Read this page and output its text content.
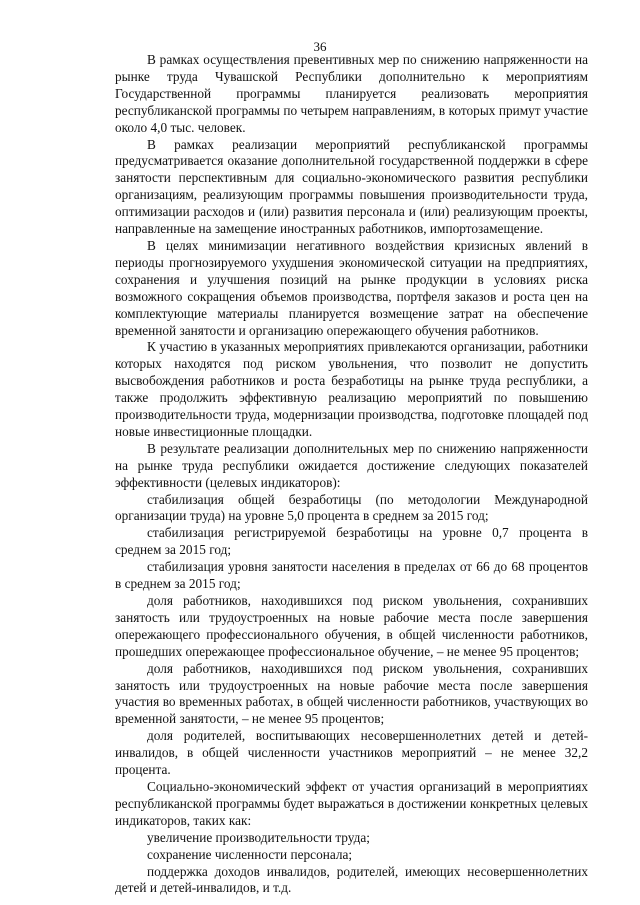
36

В рамках осуществления превентивных мер по снижению напряженности на рынке труда Чувашской Республики дополнительно к мероприятиям Государственной программы планируется реализовать мероприятия республиканской программы по четырем направлениям, в которых примут участие около 4,0 тыс. человек.

В рамках реализации мероприятий республиканской программы предусматривается оказание дополнительной государственной поддержки в сфере занятости перспективным для социально-экономического развития республики организациям, реализующим программы повышения производительности труда, оптимизации расходов и (или) развития персонала и (или) реализующим проекты, направленные на замещение иностранных работников, импортозамещение.

В целях минимизации негативного воздействия кризисных явлений в периоды прогнозируемого ухудшения экономической ситуации на предприятиях, сохранения и улучшения позиций на рынке продукции в условиях риска возможного сокращения объемов производства, портфеля заказов и роста цен на комплектующие материалы планируется возмещение затрат на обеспечение временной занятости и организацию опережающего обучения работников.

К участию в указанных мероприятиях привлекаются организации, работники которых находятся под риском увольнения, что позволит не допустить высвобождения работников и роста безработицы на рынке труда республики, а также продолжить эффективную реализацию мероприятий по повышению производительности труда, модернизации производства, подготовке площадей под новые инвестиционные площадки.

В результате реализации дополнительных мер по снижению напряженности на рынке труда республики ожидается достижение следующих показателей эффективности (целевых индикаторов):

стабилизация общей безработицы (по методологии Международной организации труда) на уровне 5,0 процента в среднем за 2015 год;

стабилизация регистрируемой безработицы на уровне 0,7 процента в среднем за 2015 год;

стабилизация уровня занятости населения в пределах от 66 до 68 процентов в среднем за 2015 год;

доля работников, находившихся под риском увольнения, сохранивших занятость или трудоустроенных на новые рабочие места после завершения опережающего профессионального обучения, в общей численности работников, прошедших опережающее профессиональное обучение, – не менее 95 процентов;

доля работников, находившихся под риском увольнения, сохранивших занятость или трудоустроенных на новые рабочие места после завершения участия во временных работах, в общей численности работников, участвующих во временной занятости, – не менее 95 процентов;

доля родителей, воспитывающих несовершеннолетних детей и детей-инвалидов, в общей численности участников мероприятий – не менее 32,2 процента.

Социально-экономический эффект от участия организаций в мероприятиях республиканской программы будет выражаться в достижении конкретных целевых индикаторов, таких как:

увеличение производительности труда;

сохранение численности персонала;

поддержка доходов инвалидов, родителей, имеющих несовершеннолетних детей и детей-инвалидов, и т.д.
